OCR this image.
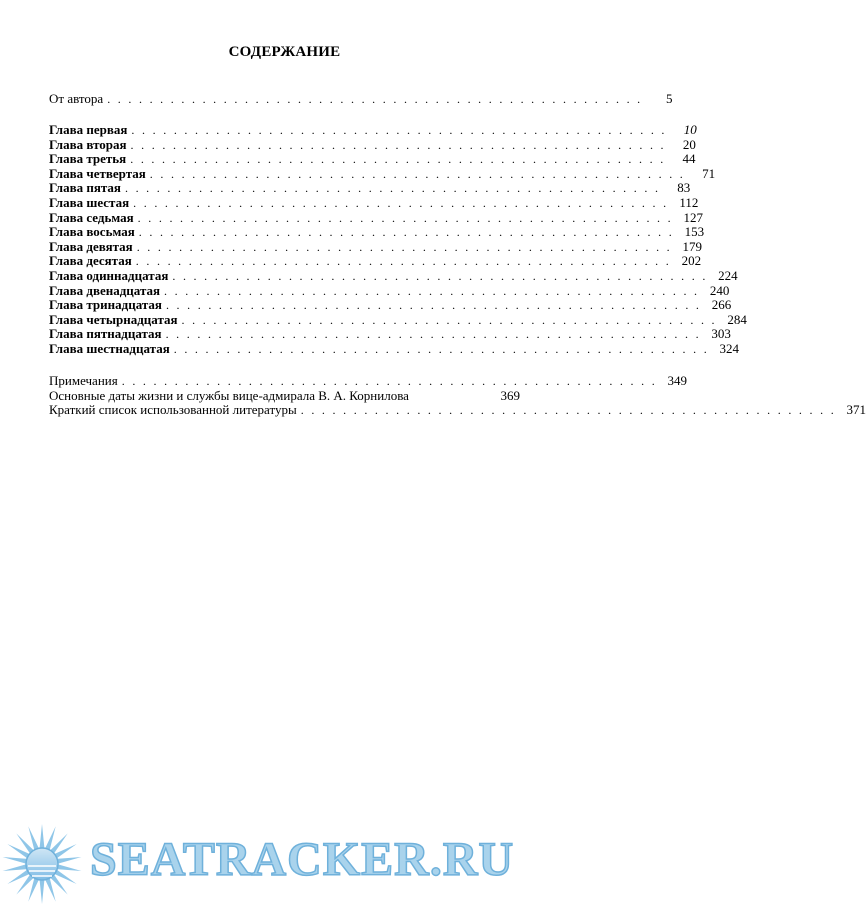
СОДЕРЖАНИЕ
От автора . . . . . . . . . . . . . . . . . . . . . . . . . . . . . . . . . . . . . . . . . . . . . . . . . . .	5
Глава первая . . . . . . . . . . . . . . . . . . . . . . . . . . . . . . . . . . . . . . . . . . . . . . . . . . .	10
Глава вторая . . . . . . . . . . . . . . . . . . . . . . . . . . . . . . . . . . . . . . . . . . . . . . . . . . .	20
Глава третья . . . . . . . . . . . . . . . . . . . . . . . . . . . . . . . . . . . . . . . . . . . . . . . . . . .	44
Глава четвертая . . . . . . . . . . . . . . . . . . . . . . . . . . . . . . . . . . . . . . . . . . . . . . . . . . .	71
Глава пятая . . . . . . . . . . . . . . . . . . . . . . . . . . . . . . . . . . . . . . . . . . . . . . . . . . .	83
Глава шестая . . . . . . . . . . . . . . . . . . . . . . . . . . . . . . . . . . . . . . . . . . . . . . . . . . . 112
Глава седьмая . . . . . . . . . . . . . . . . . . . . . . . . . . . . . . . . . . . . . . . . . . . . . . . . . . . 127
Глава восьмая . . . . . . . . . . . . . . . . . . . . . . . . . . . . . . . . . . . . . . . . . . . . . . . . . . . 153
Глава девятая . . . . . . . . . . . . . . . . . . . . . . . . . . . . . . . . . . . . . . . . . . . . . . . . . . . 179
Глава десятая . . . . . . . . . . . . . . . . . . . . . . . . . . . . . . . . . . . . . . . . . . . . . . . . . . . 202
Глава одиннадцатая . . . . . . . . . . . . . . . . . . . . . . . . . . . . . . . . . . . . . . . . . . . . . . . . . . . 224
Глава двенадцатая . . . . . . . . . . . . . . . . . . . . . . . . . . . . . . . . . . . . . . . . . . . . . . . . . . . 240
Глава тринадцатая . . . . . . . . . . . . . . . . . . . . . . . . . . . . . . . . . . . . . . . . . . . . . . . . . . . 266
Глава четырнадцатая . . . . . . . . . . . . . . . . . . . . . . . . . . . . . . . . . . . . . . . . . . . . . . . . . . . 284
Глава пятнадцатая . . . . . . . . . . . . . . . . . . . . . . . . . . . . . . . . . . . . . . . . . . . . . . . . . . . 303
Глава шестнадцатая . . . . . . . . . . . . . . . . . . . . . . . . . . . . . . . . . . . . . . . . . . . . . . . . . . . 324
Примечания . . . . . . . . . . . . . . . . . . . . . . . . . . . . . . . . . . . . . . . . . . . . . . . . . . . 349
Основные даты жизни и службы вице-адмирала В. А. Корнилова	369
Краткий список использованной литературы . . . . . . . . . . . . . . . . . . . . . . . . . . . . . . . . . . . . . . . . . . . . . . . . . . . 371
SEATRACKER.RU
